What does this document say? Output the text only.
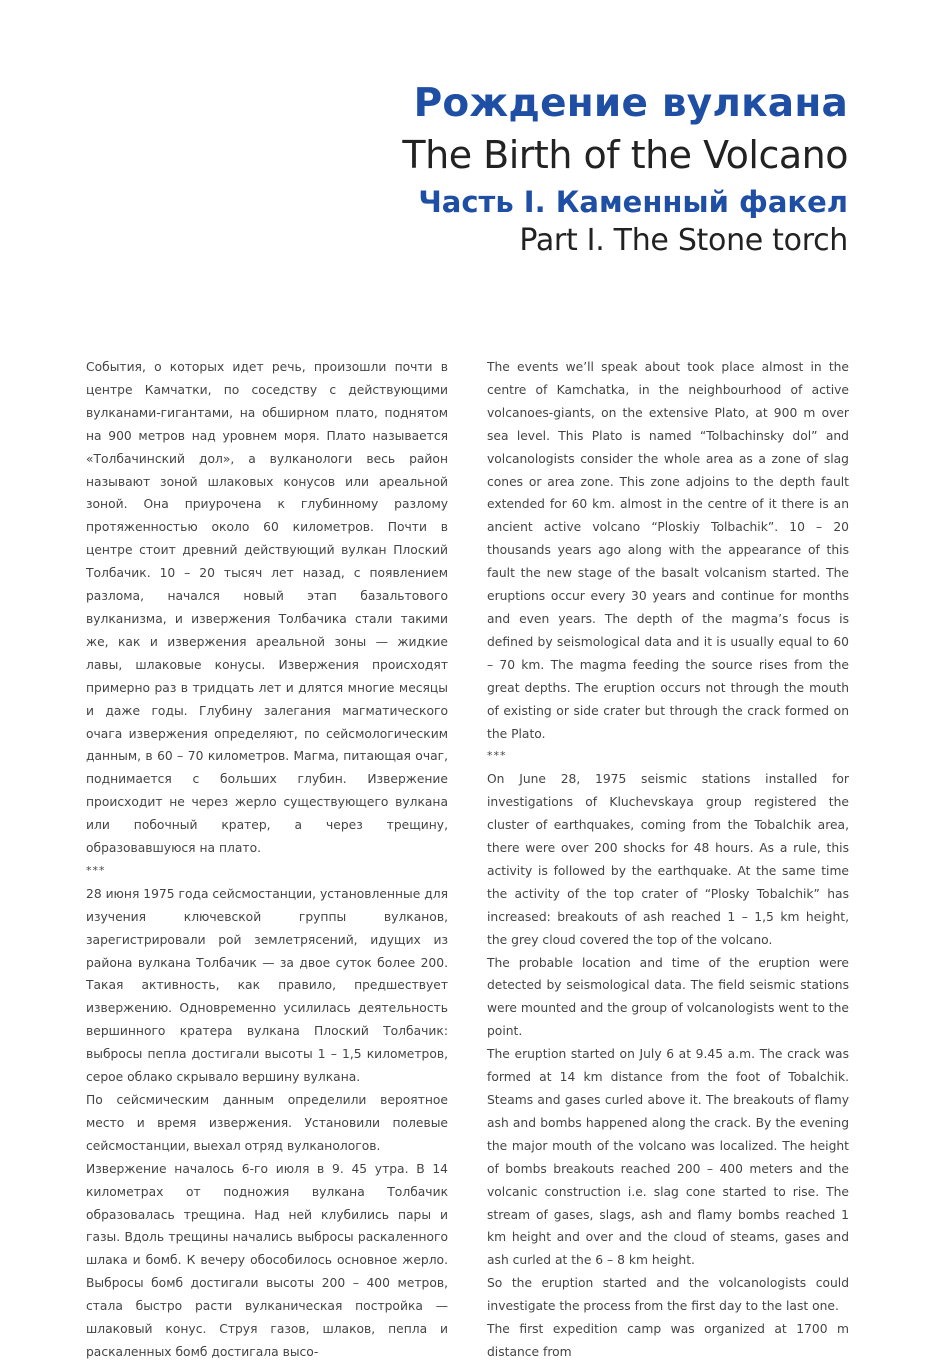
Рождение вулкана
The Birth of the Volcano
Часть I. Каменный факел
Part I. The Stone torch

События, о которых идет речь, произошли почти в центре Камчатки, по соседству с действующими вулканами-гигантами, на обширном плато, поднятом на 900 метров над уровнем моря. Плато называется «Толбачинский дол», а вулканологи весь район называют зоной шлаковых конусов или ареальной зоной. Она приурочена к глубинному разлому протяженностью около 60 километров. Почти в центре стоит древний действующий вулкан Плоский Толбачик. 10 – 20 тысяч лет назад, с появлением разлома, начался новый этап базальтового вулканизма, и извержения Толбачика стали такими же, как и извержения ареальной зоны — жидкие лавы, шлаковые конусы. Извержения происходят примерно раз в тридцать лет и длятся многие месяцы и даже годы. Глубину залегания магматического очага извержения определяют, по сейсмологическим данным, в 60 – 70 километров. Магма, питающая очаг, поднимается с больших глубин. Извержение происходит не через жерло существующего вулкана или побочный кратер, а через трещину, образовавшуюся на плато.

***

28 июня 1975 года сейсмостанции, установленные для изучения ключевской группы вулканов, зарегистрировали рой землетрясений, идущих из района вулкана Толбачик — за двое суток более 200. Такая активность, как правило, предшествует извержению. Одновременно усилилась деятельность вершинного кратера вулкана Плоский Толбачик: выбросы пепла достигали высоты 1 – 1,5 километров, серое облако скрывало вершину вулкана.

По сейсмическим данным определили вероятное место и время извержения. Установили полевые сейсмостанции, выехал отряд вулканологов.

Извержение началось 6-го июля в 9. 45 утра. В 14 километрах от подножия вулкана Толбачик образовалась трещина. Над ней клубились пары и газы. Вдоль трещины начались выбросы раскаленного шлака и бомб. К вечеру обособилось основное жерло. Выбросы бомб достигали высоты 200 – 400 метров, стала быстро расти вулканическая постройка — шлаковый конус. Струя газов, шлаков, пепла и раскаленных бомб достигала высо-

The events we’ll speak about took place almost in the centre of Kamchatka, in the neighbourhood of active volcanoes-giants, on the extensive Plato, at 900 m over sea level. This Plato is named “Tolbachinsky dol” and volcanologists consider the whole area as a zone of slag cones or area zone. This zone adjoins to the depth fault extended for 60 km. almost in the centre of it there is an ancient active volcano “Ploskiy Tolbachik”. 10 – 20 thousands years ago along with the appearance of this fault the new stage of the basalt volcanism started. The eruptions occur every 30 years and continue for months and even years. The depth of the magma’s focus is defined by seismological data and it is usually equal to 60 – 70 km. The magma feeding the source rises from the great depths. The eruption occurs not through the mouth of existing or side crater but through the crack formed on the Plato.

***

On June 28, 1975 seismic stations installed for investigations of Kluchevskaya group registered the cluster of earthquakes, coming from the Tobalchik area, there were over 200 shocks for 48 hours. As a rule, this activity is followed by the earthquake. At the same time the activity of the top crater of “Plosky Tobalchik” has increased: breakouts of ash reached 1 – 1,5 km height, the grey cloud covered the top of the volcano.

The probable location and time of the eruption were detected by seismological data. The field seismic stations were mounted and the group of volcanologists went to the point.

The eruption started on July 6 at 9.45 a.m. The crack was formed at 14 km distance from the foot of Tobalchik. Steams and gases curled above it. The breakouts of flamy ash and bombs happened along the crack. By the evening the major mouth of the volcano was localized. The height of bombs breakouts reached 200 – 400 meters and the volcanic construction i.e. slag cone started to rise. The stream of gases, slags, ash and flamy bombs reached 1 km height and over and the cloud of steams, gases and ash curled at the 6 – 8 km height.

So the eruption started and the volcanologists could investigate the process from the first day to the last one.

The first expedition camp was organized at 1700 m distance from
